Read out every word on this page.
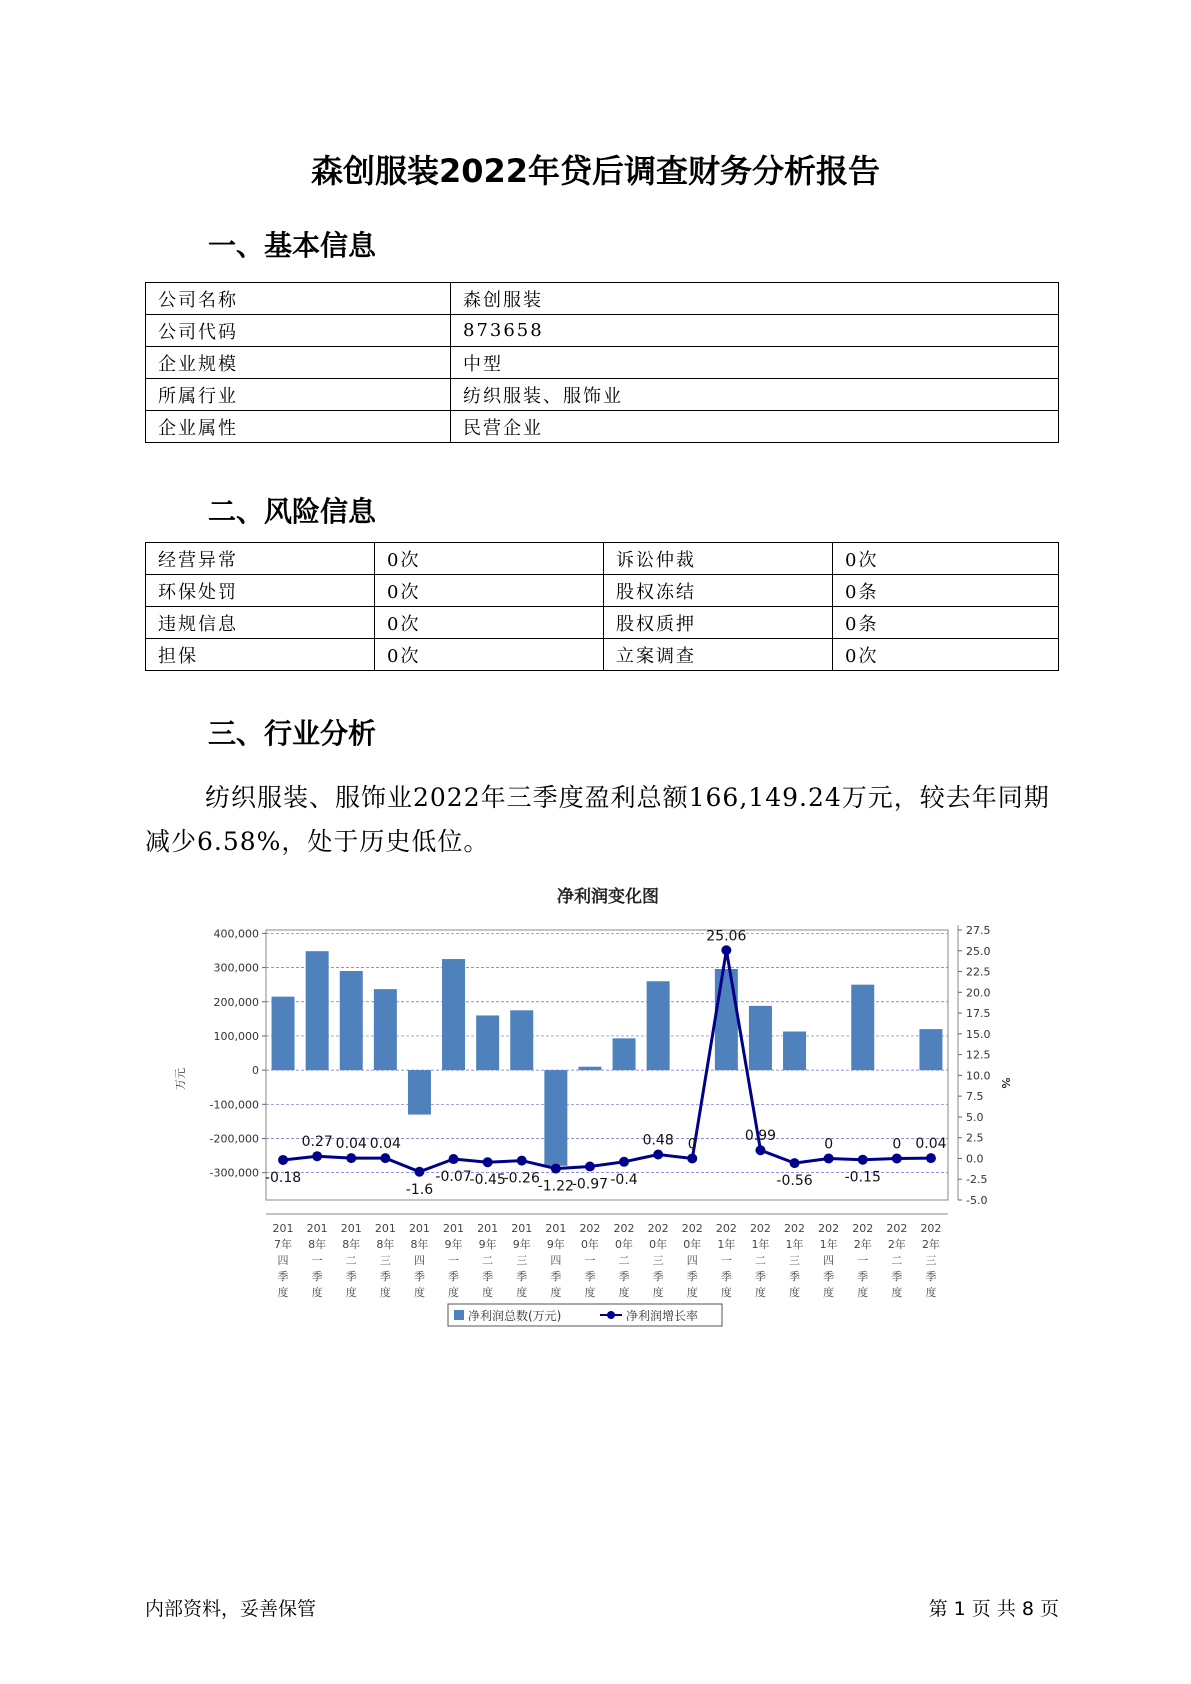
森创服装2022年贷后调查财务分析报告
一、基本信息
公司名称	森创服装
公司代码	873658
企业规模	中型
所属行业	纺织服装、服饰业
企业属性	民营企业
二、风险信息
经营异常	0次	诉讼仲裁	0次
环保处罚	0次	股权冻结	0条
违规信息	0次	股权质押	0条
担保	0次	立案调查	0次
三、行业分析
纺织服装、服饰业2022年三季度盈利总额166,149.24万元，较去年同期减少6.58%，处于历史低位。
净利润变化图
400,000
300,000
200,000
100,000
0
-100,000
-200,000
-300,000
万元
27.5
25.0
22.5
20.0
17.5
15.0
12.5
10.0
7.5
5.0
2.5
0.0
-2.5
-5.0
%
-0.18
0.27 0.04 0.04
-1.6
-0.07
-0.45
-0.26
-1.22
-0.97 -0.4
0.48 0
25.06
0.99
-0.56
0
-0.15
0 0.04
201
7年
四
季
度
201
8年
一
季
度
201
8年
二
季
度
201
8年
三
季
度
201
8年
四
季
度
201
9年
一
季
度
201
9年
二
季
度
201
9年
三
季
度
201
9年
四
季
度
202
0年
一
季
度
202
0年
二
季
度
202
0年
三
季
度
202
0年
四
季
度
202
1年
一
季
度
202
1年
二
季
度
202
1年
三
季
度
202
1年
四
季
度
202
2年
一
季
度
202
2年
二
季
度
202
2年
三
季
度
净利润总数(万元)	净利润增长率
内部资料，妥善保管	第 1 页 共 8 页
